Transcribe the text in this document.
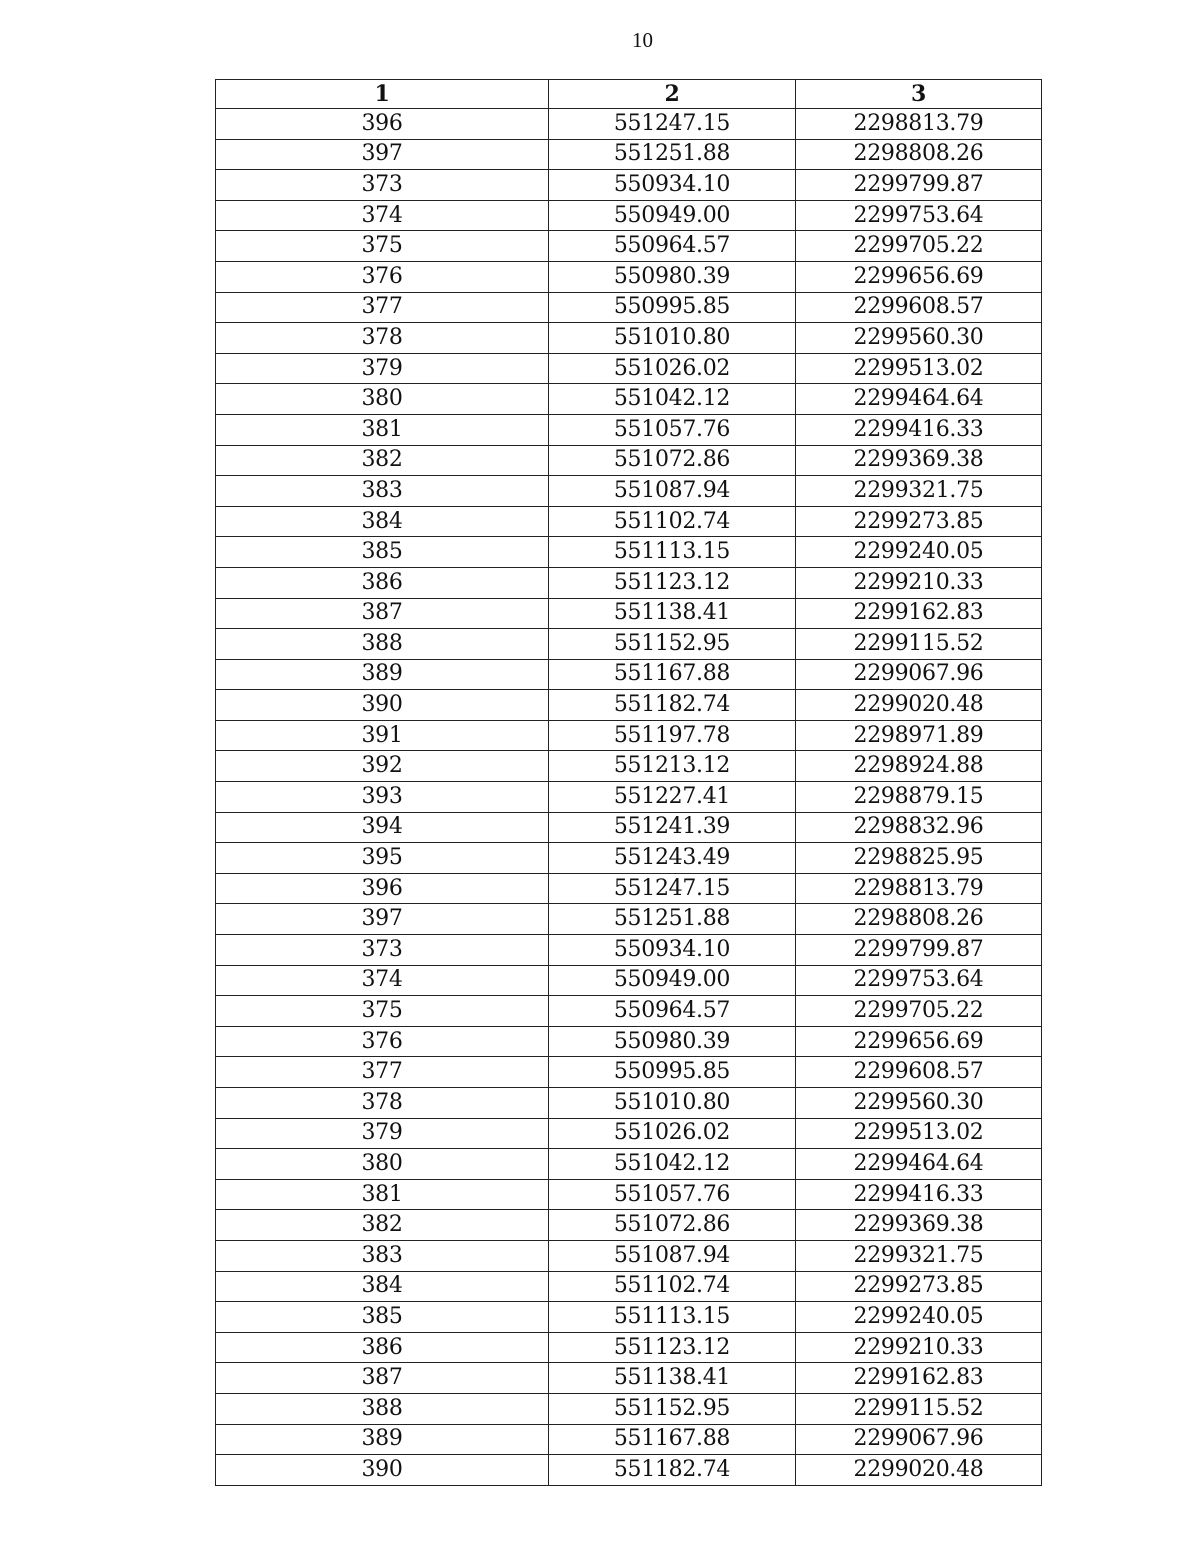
10
1	2	3
396	551247.15	2298813.79
397	551251.88	2298808.26
373	550934.10	2299799.87
374	550949.00	2299753.64
375	550964.57	2299705.22
376	550980.39	2299656.69
377	550995.85	2299608.57
378	551010.80	2299560.30
379	551026.02	2299513.02
380	551042.12	2299464.64
381	551057.76	2299416.33
382	551072.86	2299369.38
383	551087.94	2299321.75
384	551102.74	2299273.85
385	551113.15	2299240.05
386	551123.12	2299210.33
387	551138.41	2299162.83
388	551152.95	2299115.52
389	551167.88	2299067.96
390	551182.74	2299020.48
391	551197.78	2298971.89
392	551213.12	2298924.88
393	551227.41	2298879.15
394	551241.39	2298832.96
395	551243.49	2298825.95
396	551247.15	2298813.79
397	551251.88	2298808.26
373	550934.10	2299799.87
374	550949.00	2299753.64
375	550964.57	2299705.22
376	550980.39	2299656.69
377	550995.85	2299608.57
378	551010.80	2299560.30
379	551026.02	2299513.02
380	551042.12	2299464.64
381	551057.76	2299416.33
382	551072.86	2299369.38
383	551087.94	2299321.75
384	551102.74	2299273.85
385	551113.15	2299240.05
386	551123.12	2299210.33
387	551138.41	2299162.83
388	551152.95	2299115.52
389	551167.88	2299067.96
390	551182.74	2299020.48
